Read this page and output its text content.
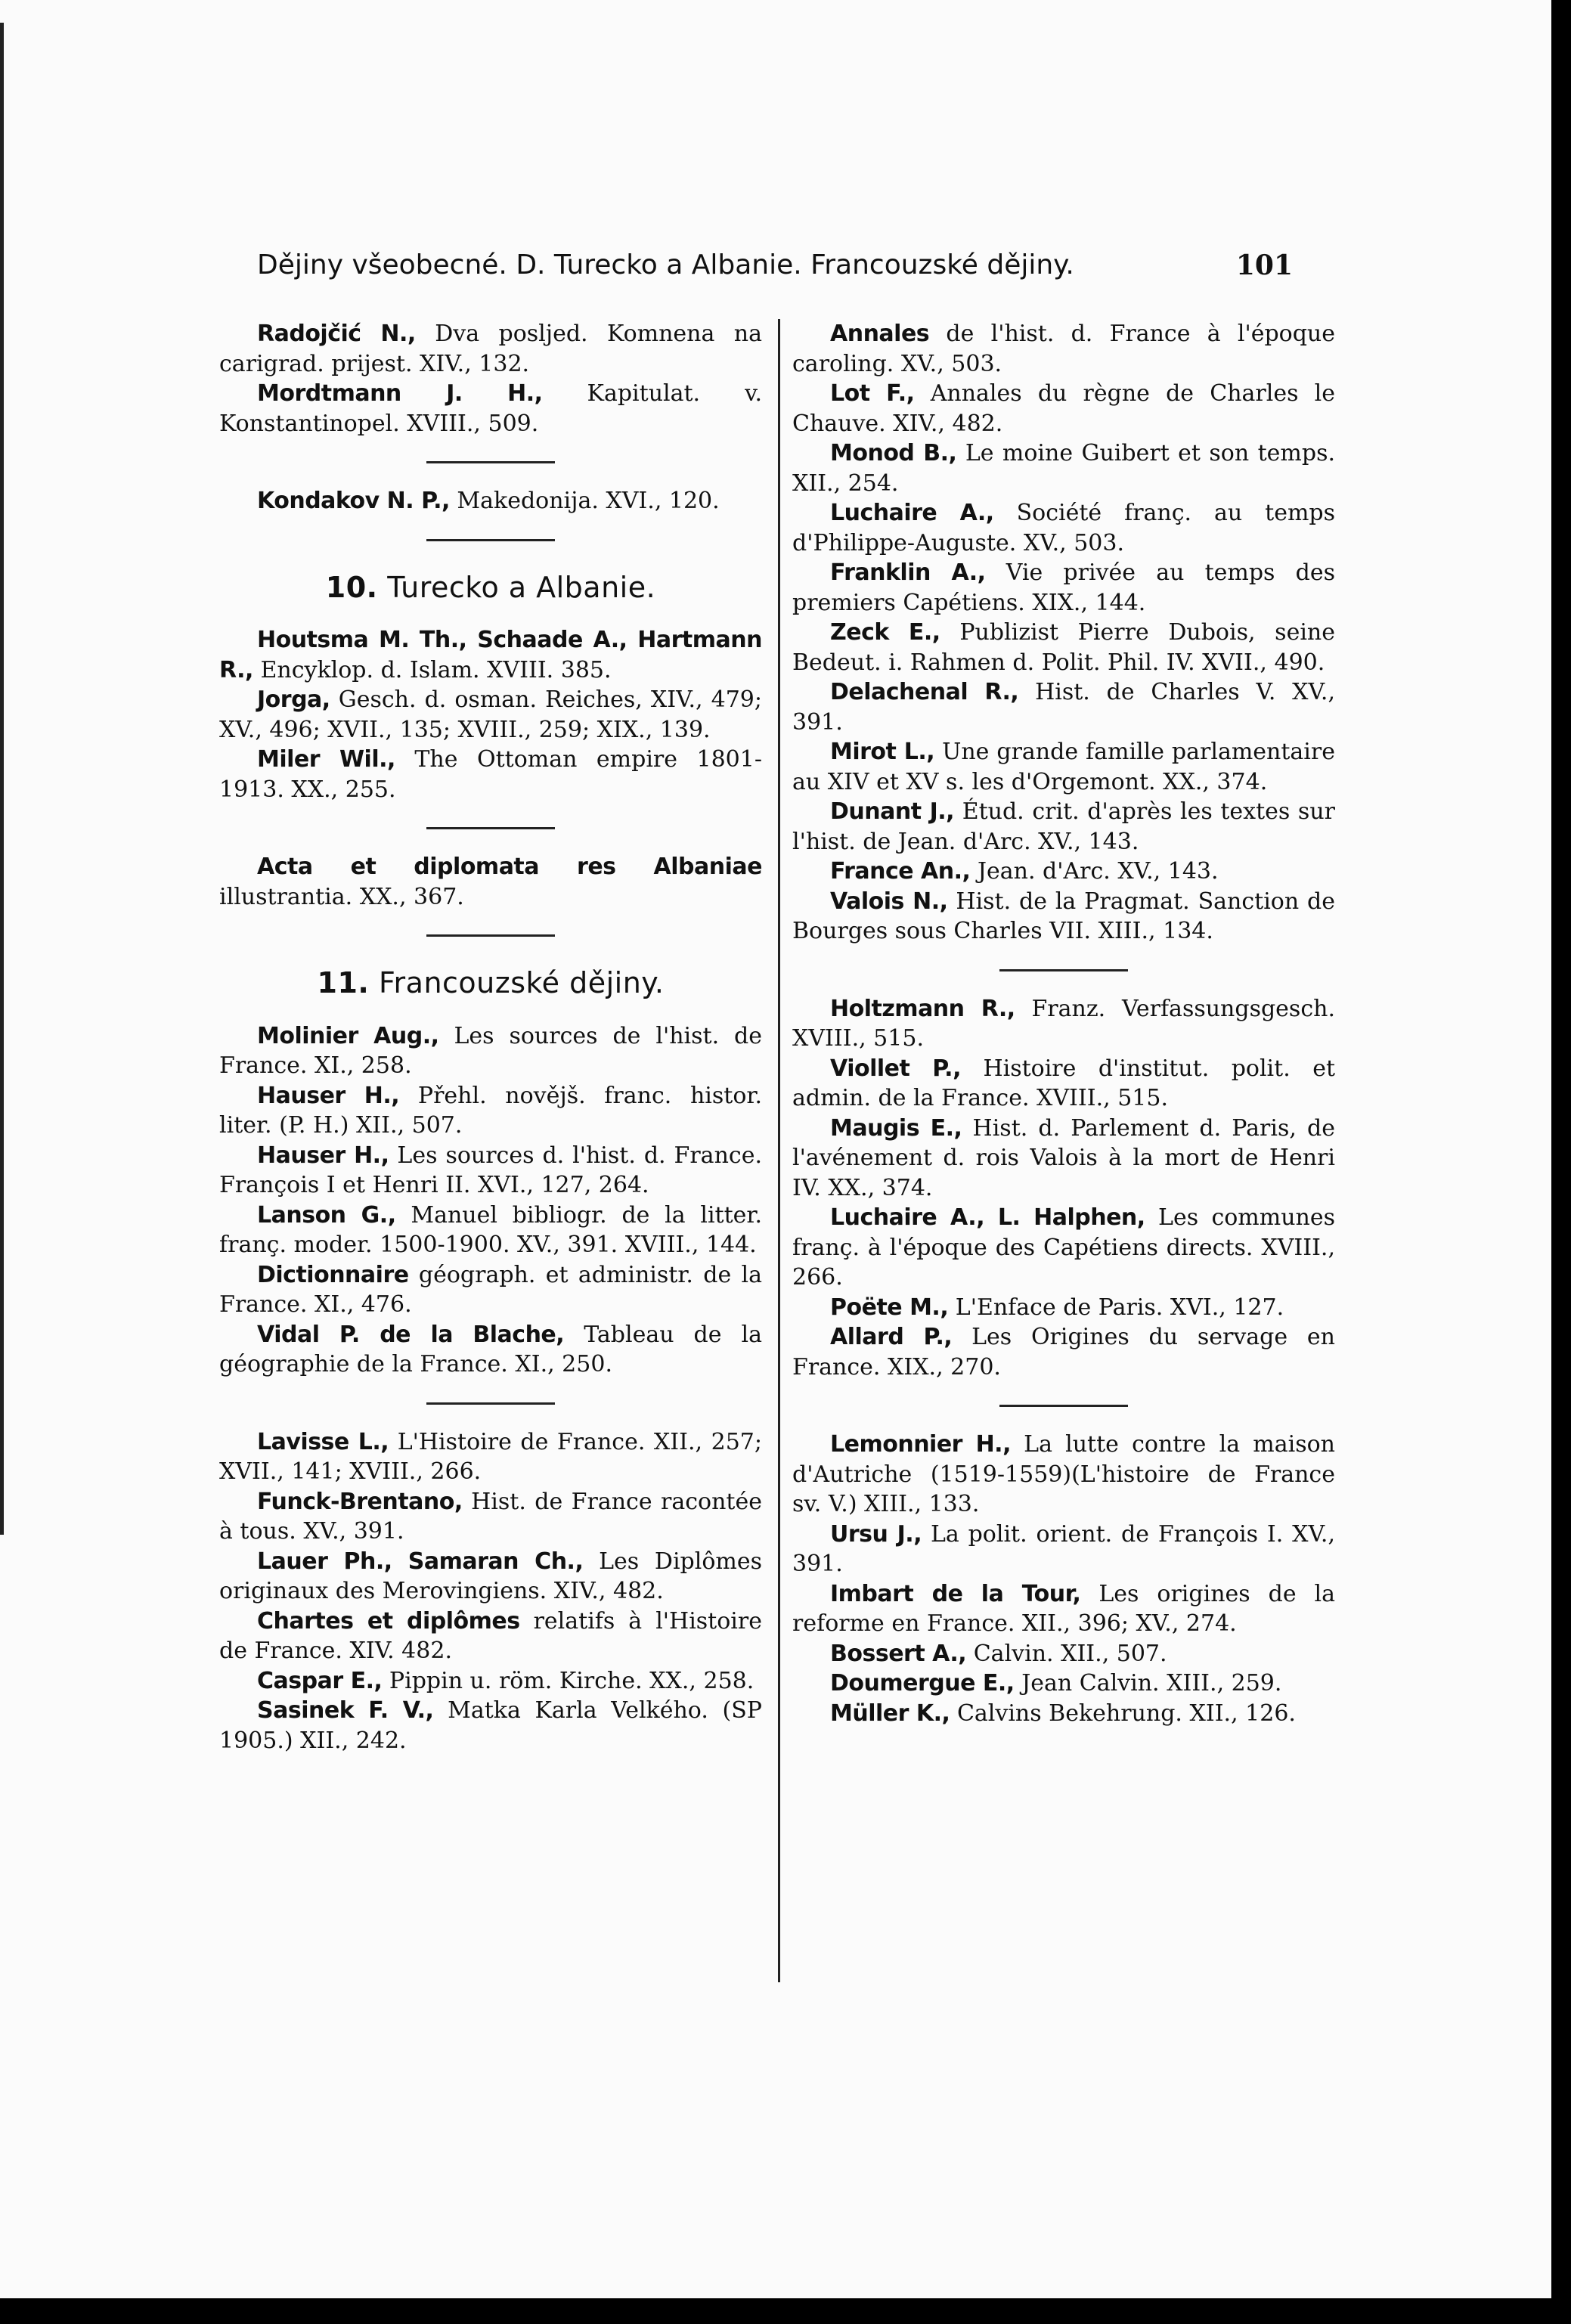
Dějiny všeobecné. D. Turecko a Albanie. Francouzské dějiny.	101

Radojčić N., Dva posljed. Komnena na carigrad. prijest. XIV., 132.

Mordtmann J. H., Kapitulat. v. Konstantinopel. XVIII., 509.

Kondakov N. P., Makedonija. XVI., 120.

10. Turecko a Albanie.

Houtsma M. Th., Schaade A., Hartmann R., Encyklop. d. Islam. XVIII. 385.

Jorga, Gesch. d. osman. Reiches, XIV., 479; XV., 496; XVII., 135; XVIII., 259; XIX., 139.

Miler Wil., The Ottoman empire 1801-1913. XX., 255.

Acta et diplomata res Albaniae illustrantia. XX., 367.

11. Francouzské dějiny.

Molinier Aug., Les sources de l'hist. de France. XI., 258.

Hauser H., Přehl. novějš. franc. histor. liter. (P. H.) XII., 507.

Hauser H., Les sources d. l'hist. d. France. François I et Henri II. XVI., 127, 264.

Lanson G., Manuel bibliogr. de la litter. franç. moder. 1500-1900. XV., 391. XVIII., 144.

Dictionnaire géograph. et administr. de la France. XI., 476.

Vidal P. de la Blache, Tableau de la géographie de la France. XI., 250.

Lavisse L., L'Histoire de France. XII., 257; XVII., 141; XVIII., 266.

Funck-Brentano, Hist. de France racontée à tous. XV., 391.

Lauer Ph., Samaran Ch., Les Diplômes originaux des Merovingiens. XIV., 482.

Chartes et diplômes relatifs à l'Histoire de France. XIV. 482.

Caspar E., Pippin u. röm. Kirche. XX., 258.

Sasinek F. V., Matka Karla Velkého. (SP 1905.) XII., 242.

Annales de l'hist. d. France à l'époque caroling. XV., 503.

Lot F., Annales du règne de Charles le Chauve. XIV., 482.

Monod B., Le moine Guibert et son temps. XII., 254.

Luchaire A., Société franç. au temps d'Philippe-Auguste. XV., 503.

Franklin A., Vie privée au temps des premiers Capétiens. XIX., 144.

Zeck E., Publizist Pierre Dubois, seine Bedeut. i. Rahmen d. Polit. Phil. IV. XVII., 490.

Delachenal R., Hist. de Charles V. XV., 391.

Mirot L., Une grande famille parlamentaire au XIV et XV s. les d'Orgemont. XX., 374.

Dunant J., Étud. crit. d'après les textes sur l'hist. de Jean. d'Arc. XV., 143.

France An., Jean. d'Arc. XV., 143.

Valois N., Hist. de la Pragmat. Sanction de Bourges sous Charles VII. XIII., 134.

Holtzmann R., Franz. Verfassungsgesch. XVIII., 515.

Viollet P., Histoire d'institut. polit. et admin. de la France. XVIII., 515.

Maugis E., Hist. d. Parlement d. Paris, de l'avénement d. rois Valois à la mort de Henri IV. XX., 374.

Luchaire A., L. Halphen, Les communes franç. à l'époque des Capétiens directs. XVIII., 266.

Poëte M., L'Enface de Paris. XVI., 127.

Allard P., Les Origines du servage en France. XIX., 270.

Lemonnier H., La lutte contre la maison d'Autriche (1519-1559)(L'histoire de France sv. V.) XIII., 133.

Ursu J., La polit. orient. de François I. XV., 391.

Imbart de la Tour, Les origines de la reforme en France. XII., 396; XV., 274.

Bossert A., Calvin. XII., 507.

Doumergue E., Jean Calvin. XIII., 259.

Müller K., Calvins Bekehrung. XII., 126.
